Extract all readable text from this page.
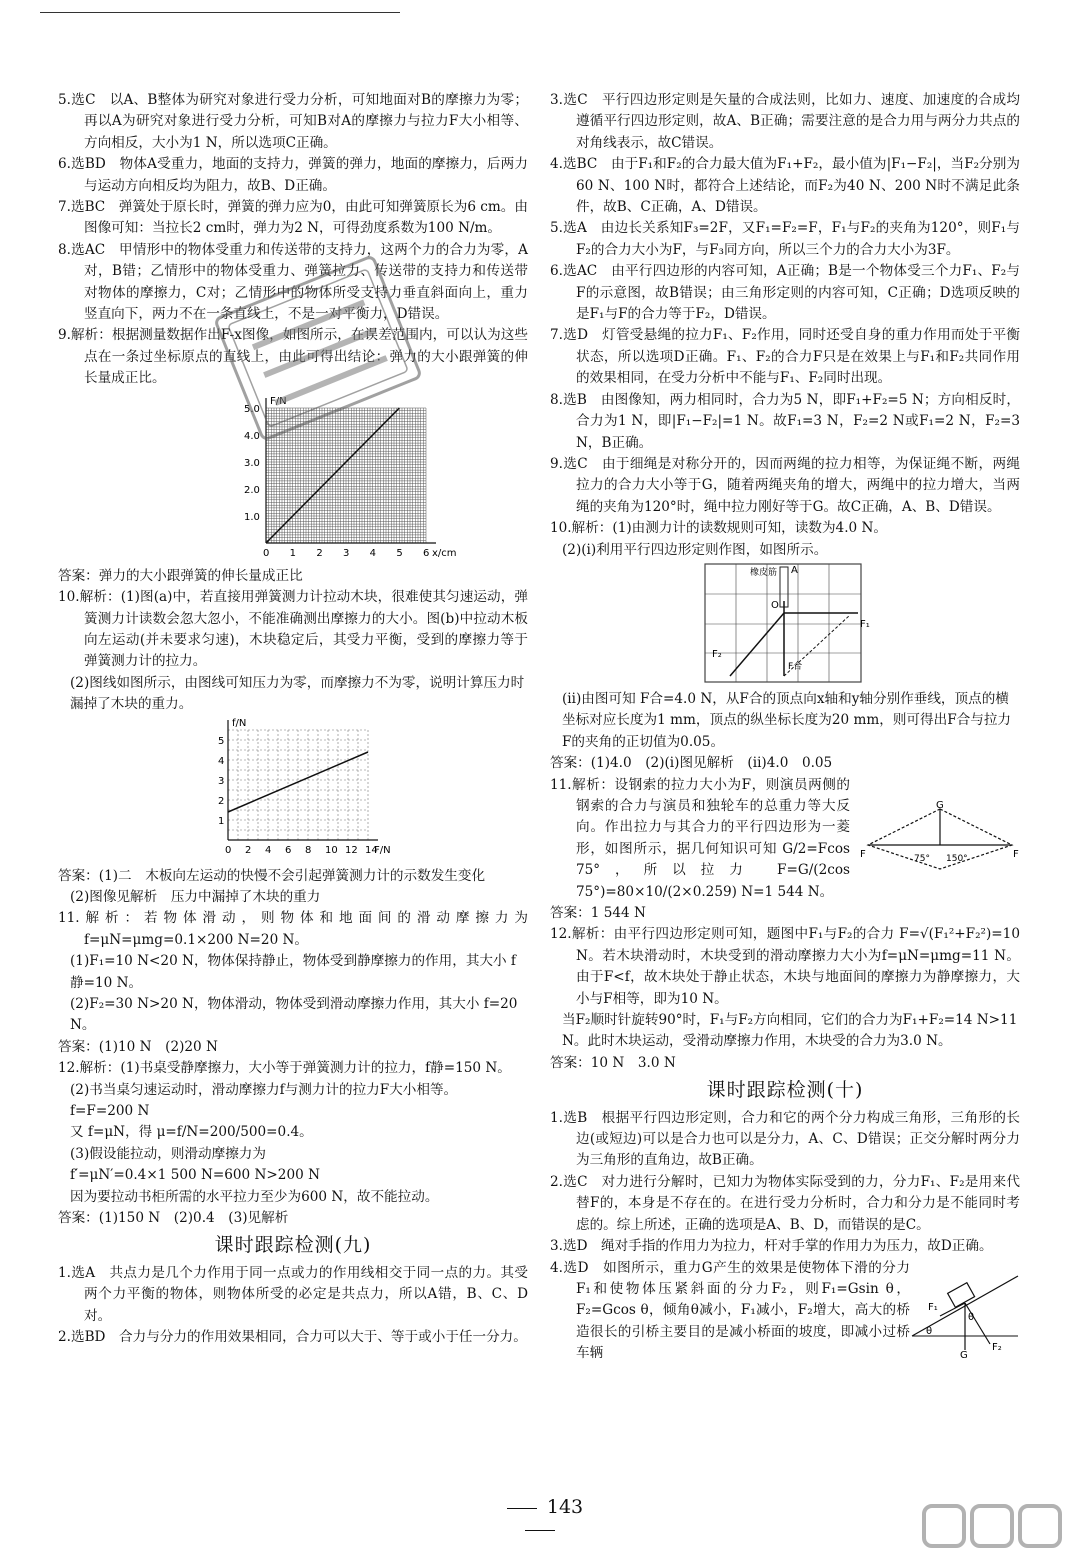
5.选C　以A、B整体为研究对象进行受力分析，可知地面对B的摩擦力为零；再以A为研究对象进行受力分析，可知B对A的摩擦力与拉力F大小相等、方向相反，大小为1 N，所以选项C正确。

6.选BD　物体A受重力，地面的支持力，弹簧的弹力，地面的摩擦力，后两力与运动方向相反均为阻力，故B、D正确。

7.选BC　弹簧处于原长时，弹簧的弹力应为0，由此可知弹簧原长为6 cm。由图像可知：当拉长2 cm时，弹力为2 N，可得劲度系数为100 N/m。

8.选AC　甲情形中的物体受重力和传送带的支持力，这两个力的合力为零，A对，B错；乙情形中的物体受重力、弹簧拉力、传送带的支持力和传送带对物体的摩擦力，C对；乙情形中的物体所受支持力垂直斜面向上，重力竖直向下，两力不在一条直线上，不是一对平衡力，D错误。

9.解析：根据测量数据作出F-x图像，如图所示，在误差范围内，可以认为这些点在一条过坐标原点的直线上，由此可得出结论：弹力的大小跟弹簧的伸长量成正比。

0 1 2 3 4 5 6
1.0
2.0
3.0
4.0
5.0
x/cm
F/N

答案：弹力的大小跟弹簧的伸长量成正比

10.解析：(1)图(a)中，若直接用弹簧测力计拉动木块，很难使其匀速运动，弹簧测力计读数会忽大忽小，不能准确测出摩擦力的大小。图(b)中拉动木板向左运动(并未要求匀速)，木块稳定后，其受力平衡，受到的摩擦力等于弹簧测力计的拉力。

(2)图线如图所示，由图线可知压力为零，而摩擦力不为零，说明计算压力时漏掉了木块的重力。

0 2 4 6 8 10 12 14
1
2
3
4
5
F/N
f/N

答案：(1)二　木板向左运动的快慢不会引起弹簧测力计的示数发生变化

(2)图像见解析　压力中漏掉了木块的重力

11.解析：若物体滑动，则物体和地面间的滑动摩擦力为f=μN=μmg=0.1×200 N=20 N。

(1)F₁=10 N<20 N，物体保持静止，物体受到静摩擦力的作用，其大小 f静=10 N。

(2)F₂=30 N>20 N，物体滑动，物体受到滑动摩擦力作用，其大小 f=20 N。

答案：(1)10 N　(2)20 N

12.解析：(1)书桌受静摩擦力，大小等于弹簧测力计的拉力，f静=150 N。

(2)书当桌匀速运动时，滑动摩擦力f与测力计的拉力F大小相等。

f=F=200 N

又 f=μN，得 μ=f/N=200/500=0.4。

(3)假设能拉动，则滑动摩擦力为

f′=μN′=0.4×1 500 N=600 N>200 N

因为要拉动书柜所需的水平拉力至少为600 N，故不能拉动。

答案：(1)150 N　(2)0.4　(3)见解析

课时跟踪检测(九)

1.选A　共点力是几个力作用于同一点或力的作用线相交于同一点的力。其受两个力平衡的物体，则物体所受的必定是共点力，所以A错，B、C、D对。

2.选BD　合力与分力的作用效果相同，合力可以大于、等于或小于任一分力。

3.选C　平行四边形定则是矢量的合成法则，比如力、速度、加速度的合成均遵循平行四边形定则，故A、B正确；需要注意的是合力用与两分力共点的对角线表示，故C错误。

4.选BC　由于F₁和F₂的合力最大值为F₁+F₂，最小值为|F₁−F₂|，当F₂分别为60 N、100 N时，都符合上述结论，而F₂为40 N、200 N时不满足此条件，故B、C正确，A、D错误。

5.选A　由边长关系知F₃=2F，又F₁=F₂=F，F₁与F₂的夹角为120°，则F₁与F₂的合力大小为F，与F₃同方向，所以三个力的合力大小为3F。

6.选AC　由平行四边形的内容可知，A正确；B是一个物体受三个力F₁、F₂与F的示意图，故B错误；由三角形定则的内容可知，C正确；D选项反映的是F₁与F的合力等于F₂，D错误。

7.选D　灯管受悬绳的拉力F₁、F₂作用，同时还受自身的重力作用而处于平衡状态，所以选项D正确。F₁、F₂的合力F只是在效果上与F₁和F₂共同作用的效果相同，在受力分析中不能与F₁、F₂同时出现。

8.选B　由图像知，两力相同时，合力为5 N，即F₁+F₂=5 N；方向相反时，合力为1 N，即|F₁−F₂|=1 N。故F₁=3 N，F₂=2 N或F₁=2 N，F₂=3 N，B正确。

9.选C　由于细绳是对称分开的，因而两绳的拉力相等，为保证绳不断，两绳拉力的合力大小等于G，随着两绳夹角的增大，两绳中的拉力增大，当两绳的夹角为120°时，绳中拉力刚好等于G。故C正确，A、B、D错误。

10.解析：(1)由测力计的读数规则可知，读数为4.0 N。

(2)(ⅰ)利用平行四边形定则作图，如图所示。

橡皮筋 A
O
F₁
F₂
F合

(ⅱ)由图可知 F合=4.0 N，从F合的顶点向x轴和y轴分别作垂线，顶点的横坐标对应长度为1 mm，顶点的纵坐标长度为20 mm，则可得出F合与拉力F的夹角的正切值为0.05。

答案：(1)4.0　(2)(ⅰ)图见解析　(ⅱ)4.0　0.05

G
F	F
75° 150°

11.解析：设钢索的拉力大小为F，则演员两侧的钢索的合力与演员和独轮车的总重力等大反向。作出拉力与其合力的平行四边形为一菱形，如图所示，据几何知识可知 G/2=Fcos 75°，所以拉力 F=G/(2cos 75°)=80×10/(2×0.259) N=1 544 N。

答案：1 544 N

12.解析：由平行四边形定则可知，题图中F₁与F₂的合力 F=√(F₁²+F₂²)=10 N。若木块滑动时，木块受到的滑动摩擦力大小为f=μN=μmg=11 N。由于F<f，故木块处于静止状态，木块与地面间的摩擦力为静摩擦力，大小与F相等，即为10 N。

当F₂顺时针旋转90°时，F₁与F₂方向相同，它们的合力为F₁+F₂=14 N>11 N。此时木块运动，受滑动摩擦力作用，木块受的合力为3.0 N。

答案：10 N　3.0 N

课时跟踪检测(十)

1.选B　根据平行四边形定则，合力和它的两个分力构成三角形，三角形的长边(或短边)可以是合力也可以是分力，A、C、D错误；正交分解时两分力为三角形的直角边，故B正确。

2.选C　对力进行分解时，已知力为物体实际受到的力，分力F₁、F₂是用来代替F的，本身是不存在的。在进行受力分析时，合力和分力是不能同时考虑的。综上所述，正确的选项是A、B、D，而错误的是C。

3.选D　绳对手指的作用力为拉力，杆对手掌的作用力为压力，故D正确。

F₁
F₂
G
θ
θ

4.选D　如图所示，重力G产生的效果是使物体下滑的分力F₁和使物体压紧斜面的分力F₂，则F₁=Gsin θ，F₂=Gcos θ，倾角θ减小，F₁减小，F₂增大，高大的桥造很长的引桥主要目的是减小桥面的坡度，即减小过桥车辆

143
